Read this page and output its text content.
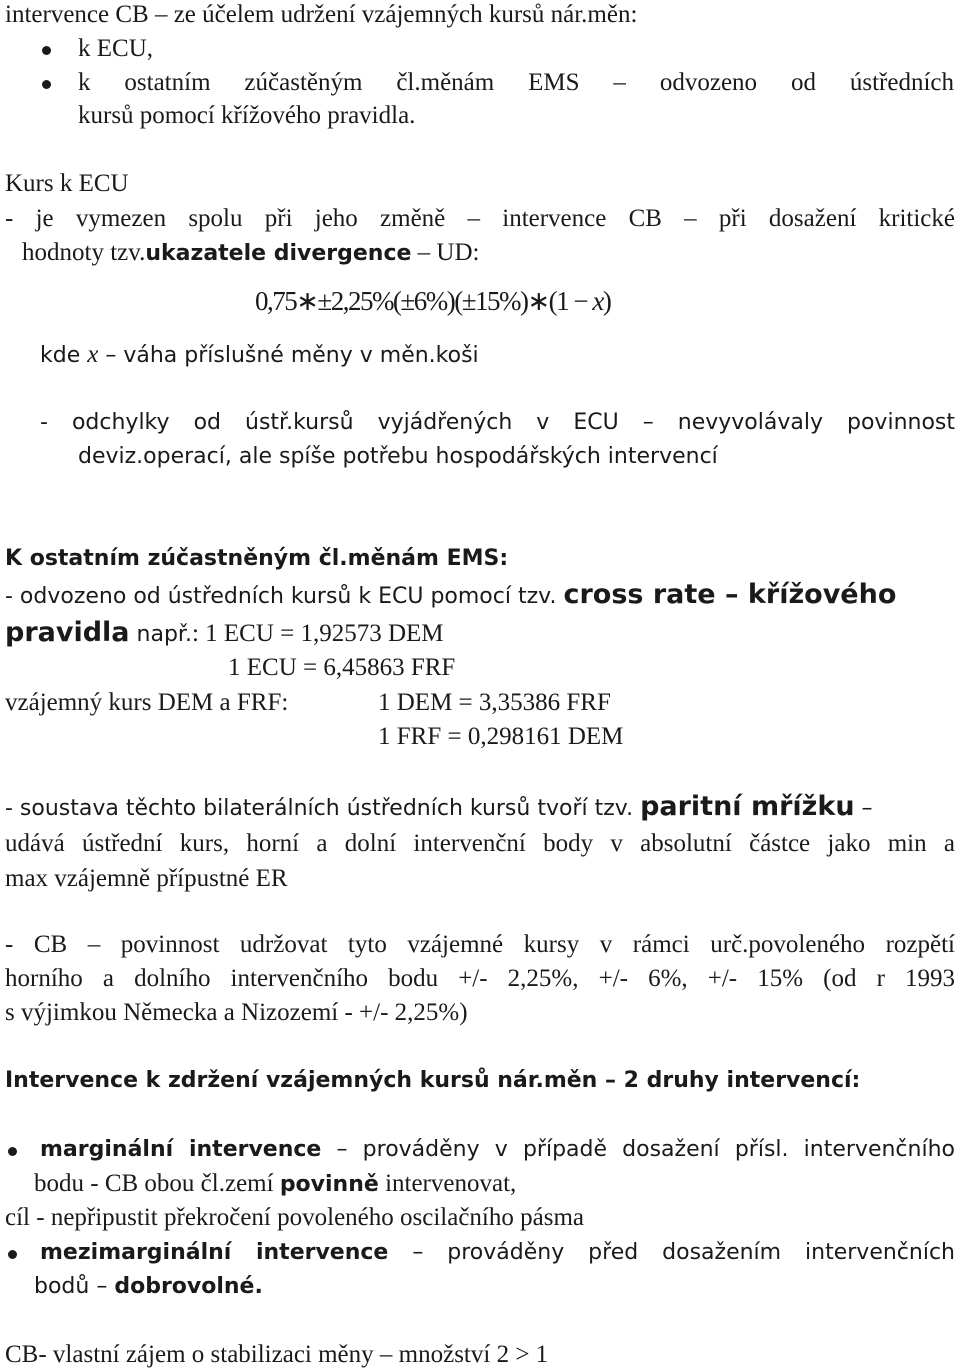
intervence CB – ze účelem udržení vzájemných kursů nár.měn:
k ECU,
k ostatním zúčastěným čl.měnám EMS – odvozeno od ústředních
kursů pomocí křížového pravidla.
Kurs k ECU
- je vymezen spolu při jeho změně – intervence CB – při dosažení kritické
hodnoty tzv.ukazatele divergence – UD:
0,75∗±2,25%(±6%)(±15%)∗(1 − x)
kde x – váha příslušné měny v měn.koši
- odchylky od ústř.kursů vyjádřených v ECU – nevyvolávaly povinnost
deviz.operací, ale spíše potřebu hospodářských intervencí
K ostatním zúčastněným čl.měnám EMS:
- odvozeno od ústředních kursů k ECU pomocí tzv. cross rate – křížového
pravidla např.: 1 ECU = 1,92573 DEM
1 ECU = 6,45863 FRF
vzájemný kurs DEM a FRF:	1 DEM = 3,35386 FRF
1 FRF = 0,298161 DEM
- soustava těchto bilaterálních ústředních kursů tvoří tzv. paritní mřížku –
udává ústřední kurs, horní a dolní intervenční body v absolutní částce jako min a
max vzájemně přípustné ER
- CB – povinnost udržovat tyto vzájemné kursy v rámci urč.povoleného rozpětí
horního a dolního intervenčního bodu +/- 2,25%, +/- 6%, +/- 15% (od r 1993
s výjimkou Německa a Nizozemí - +/- 2,25%)
Intervence k zdržení vzájemných kursů nár.měn – 2 druhy intervencí:
marginální intervence – prováděny v případě dosažení přísl. intervenčního
bodu - CB obou čl.zemí povinně intervenovat,
cíl - nepřipustit překročení povoleného oscilačního pásma
mezimarginální intervence – prováděny před dosažením intervenčních
bodů – dobrovolné.
CB- vlastní zájem o stabilizaci měny – množství 2 > 1
